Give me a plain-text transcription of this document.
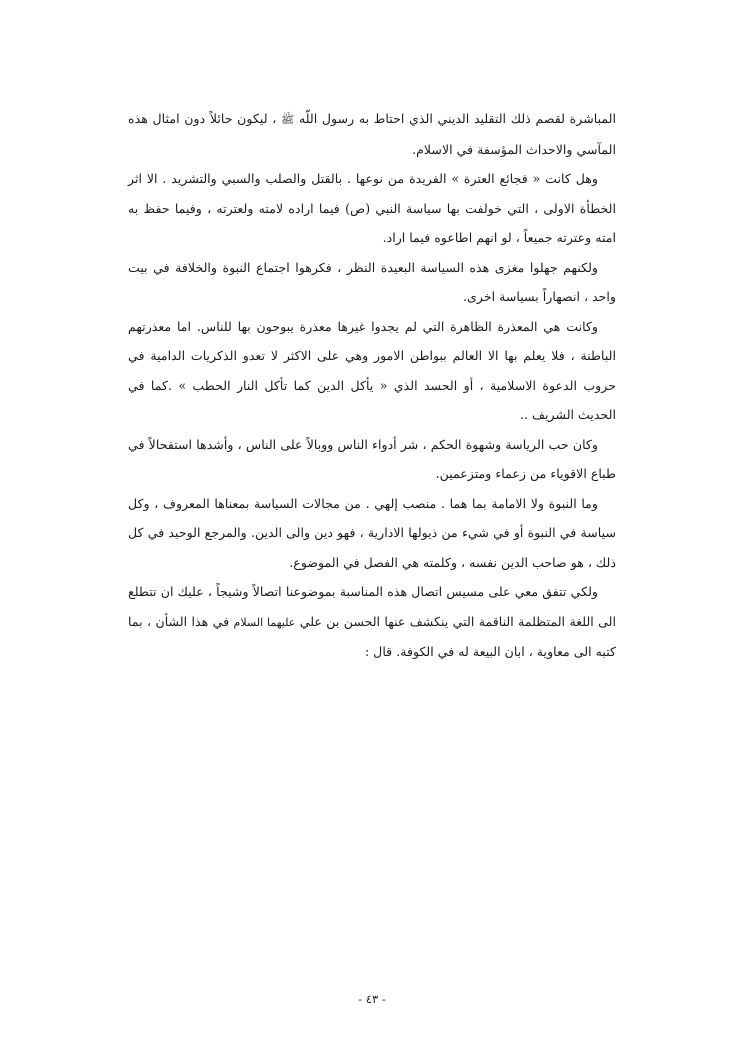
المباشرة لقصم ذلك التقليد الديني الذي احتاط به رسول اللّه ﷺ ، ليكون حائلاً دون امثال هذه المآسي والاحداث المؤسفة في الاسلام.

وهل كانت « فجائع العترة » الفريدة من نوعها . بالقتل والصلب والسبي والتشريد . الا اثر الخطأة الاولى ، التي خولفت بها سياسة النبي (ص) فيما اراده لامته ولعترته ، وفيما حفظ به امته وعترته جميعاً ، لو انهم اطاعوه فيما اراد.

ولكنهم جهلوا مغزى هذه السياسة البعيدة النظر ، فكرهوا اجتماع النبوة والخلافة في بيت واحد ، انصهاراً بسياسة اخرى.

وكانت هي المعذرة الظاهرة التي لم يجدوا غيرها معذرة يبوحون بها للناس. اما معذرتهم الباطنة ، فلا يعلم بها الا العالم ببواطن الامور وهي على الاكثر لا تعدو الذكريات الدامية في حروب الدعوة الاسلامية ، أو الحسد الذي « يأكل الدين كما تأكل النار الحطب » .كما في الحديث الشريف ..

وكان حب الرياسة وشهوة الحكم ، شر أدواء الناس ووبالاً على الناس ، وأشدها استفحالاً في طباع الاقوياء من زعماء ومتزعمين.

وما النبوة ولا الامامة بما هما . منصب إلهي . من مجالات السياسة بمعناها المعروف ، وكل سياسة في النبوة أو في شيء من ذيولها الادارية ، فهو دين والى الدين. والمرجع الوحيد في كل ذلك ، هو صاحب الدين نفسه ، وكلمته هي الفصل في الموضوع.

ولكي تتفق معي على مسيس اتصال هذه المناسبة بموضوعنا اتصالاً وشيجاً ، عليك ان تتطلع الى اللغة المتظلمة الناقمة التي ينكشف عنها الحسن بن علي عليهما السلام في هذا الشأن ، بما كتبه الى معاوية ، ابان البيعة له في الكوفة. قال :

- ٤٣ -
